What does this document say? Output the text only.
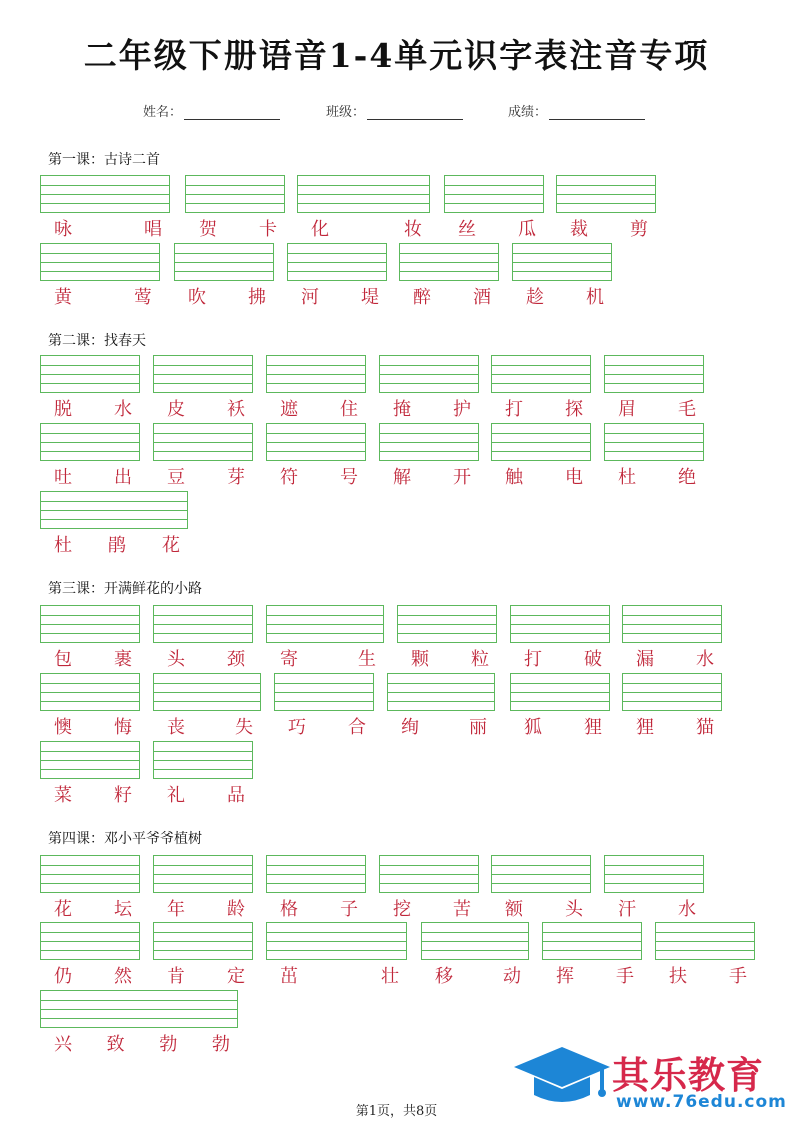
二年级下册语音1-4单元识字表注音专项
姓名：	班级：	成绩：
第一课：古诗二首
咏	唱 贺 卡 化	妆 丝 瓜 裁 剪
黄	莺 吹 拂 河 堤 醉 酒 趁 机
第二课：找春天
脱 水 皮 袄 遮 住 掩 护 打 探 眉 毛
吐 出 豆 芽 符 号 解 开 触 电 杜 绝
杜 鹃 花
第三课：开满鲜花的小路
包 裹 头 颈 寄	生 颗 粒 打 破 漏 水
懊 悔 丧	失 巧 合 绚	丽 狐 狸 狸 猫
菜 籽 礼 品
第四课：邓小平爷爷植树
花 坛 年 龄 格 子 挖 苦 额 头 汗 水
仍 然 肯 定 茁	壮 移	动 挥 手 扶 手
兴 致 勃 勃
第1页，共8页
其乐教育
www.76edu.com
